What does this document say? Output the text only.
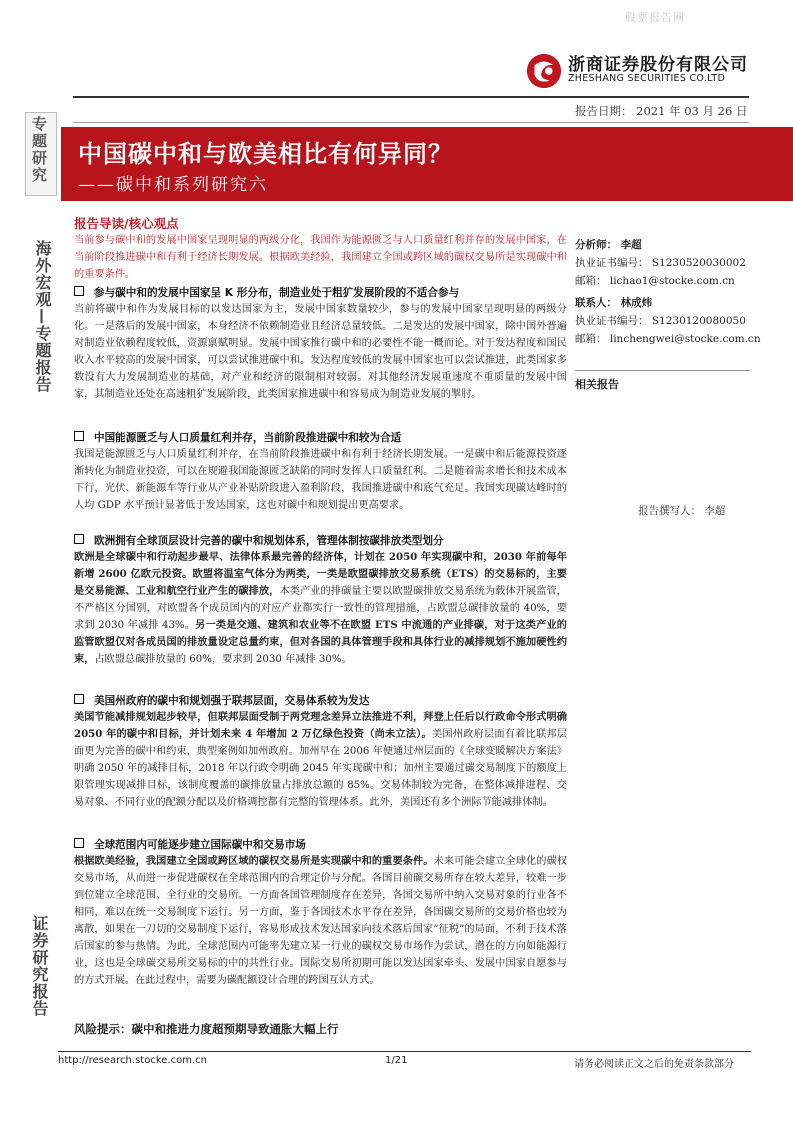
股票报告网
浙商证券股份有限公司
ZHESHANG SECURITIES CO.LTD
报告日期： 2021 年 03 月 26 日
专题研究
海外宏观—专题报告
证券研究报告
中国碳中和与欧美相比有何异同？
——碳中和系列研究六
报告导读/核心观点
当前参与碳中和的发展中国家呈现明显的两级分化，我国作为能源匮乏与人口质量红利并存的发展中国家，在当前阶段推进碳中和有利于经济长期发展。根据欧美经验，我国建立全国或跨区域的碳权交易所是实现碳中和的重要条件。
参与碳中和的发展中国家呈 K 形分布，制造业处于粗犷发展阶段的不适合参与
当前将碳中和作为发展目标的以发达国家为主，发展中国家数量较少，参与的发展中国家呈现明显的两级分化。一是落后的发展中国家，本身经济不依赖制造业且经济总量较低。二是发达的发展中国家，除中国外普遍对制造业依赖程度较低，资源禀赋明显。发展中国家推行碳中和的必要性不能一概而论。对于发达程度和国民收入水平较高的发展中国家，可以尝试推进碳中和。发达程度较低的发展中国家也可以尝试推进，此类国家多数没有大力发展制造业的基础，对产业和经济的限制相对较弱。对其他经济发展重速度不重质量的发展中国家，其制造业还处在高速粗犷发展阶段，此类国家推进碳中和容易成为制造业发展的掣肘。
中国能源匮乏与人口质量红利并存，当前阶段推进碳中和较为合适
我国是能源匮乏与人口质量红利并存，在当前阶段推进碳中和有利于经济长期发展。一是碳中和后能源投资逐渐转化为制造业投资，可以在规避我国能源匮乏缺陷的同时发挥人口质量红利。二是随着需求增长和技术成本下行，光伏、新能源车等行业从产业补贴阶段进入盈利阶段，我国推进碳中和底气充足。我国实现碳达峰时的人均 GDP 水平预计显著低于发达国家，这也对碳中和规划提出更高要求。
欧洲拥有全球顶层设计完善的碳中和规划体系，管理体制按碳排放类型划分
欧洲是全球碳中和行动起步最早、法律体系最完善的经济体，计划在 2050 年实现碳中和，2030 年前每年新增 2600 亿欧元投资。欧盟将温室气体分为两类，一类是欧盟碳排放交易系统（ETS）的交易标的，主要是交易能源、工业和航空行业产生的碳排放，本类产业的排碳量主要以欧盟碳排放交易系统为载体开展监管，不严格区分国别，对欧盟各个成员国内的对应产业都实行一致性的管理措施，占欧盟总碳排放量的 40%，要求到 2030 年减排 43%。另一类是交通、建筑和农业等不在欧盟 ETS 中流通的产业排碳，对于这类产业的监管欧盟仅对各成员国的排放量设定总量约束，但对各国的具体管理手段和具体行业的减排规划不施加硬性约束，占欧盟总碳排放量的 60%，要求到 2030 年减排 30%。
美国州政府的碳中和规划强于联邦层面，交易体系较为发达
美国节能减排规划起步较早，但联邦层面受制于两党理念差异立法推进不利，拜登上任后以行政命令形式明确 2050 年的碳中和目标，并计划未来 4 年增加 2 万亿绿色投资（尚未立法）。美国州政府层面有着比联邦层面更为完善的碳中和约束，典型案例如加州政府。加州早在 2006 年便通过州层面的《全球变暖解决方案法》明确 2050 年的减排目标，2018 年以行政令明确 2045 年实现碳中和；加州主要通过碳交易制度下的额度上限管理实现减排目标，该制度覆盖的碳排放量占排放总额的 85%。交易体制较为完备，在整体减排进程、交易对象、不同行业的配额分配以及价格调控都有完整的管理体系。此外，美国还有多个洲际节能减排体制。
全球范围内可能逐步建立国际碳中和交易市场
根据欧美经验，我国建立全国或跨区域的碳权交易所是实现碳中和的重要条件。未来可能会建立全球化的碳权交易市场，从而进一步促进碳权在全球范围内的合理定价与分配。各国目前碳交易所存在较大差异，较难一步到位建立全球范围、全行业的交易所。一方面各国管理制度存在差异，各国交易所中纳入交易对象的行业各不相同，难以在统一交易制度下运行。另一方面，鉴于各国技术水平存在差异，各国碳交易所的交易价格也较为离散，如果在一刀切的交易制度下运行，容易形成技术发达国家向技术落后国家“征税”的局面，不利于技术落后国家的参与热情。为此，全球范围内可能率先建立某一行业的碳权交易市场作为尝试，潜在的方向如能源行业，这也是全球碳交易所交易标的中的共性行业。国际交易所初期可能以发达国家牵头、发展中国家自愿参与的方式开展。在此过程中，需要为碳配额设计合理的跨国互认方式。
风险提示：碳中和推进力度超预期导致通胀大幅上行
分析师： 李超
执业证书编号： S1230520030002
邮箱： lichao1@stocke.com.cn
联系人： 林成炜
执业证书编号： S1230120080050
邮箱： linchengwei@stocke.com.cn
相关报告
报告撰写人： 李超
http://research.stocke.com.cn	1/21	请务必阅读正文之后的免责条款部分
